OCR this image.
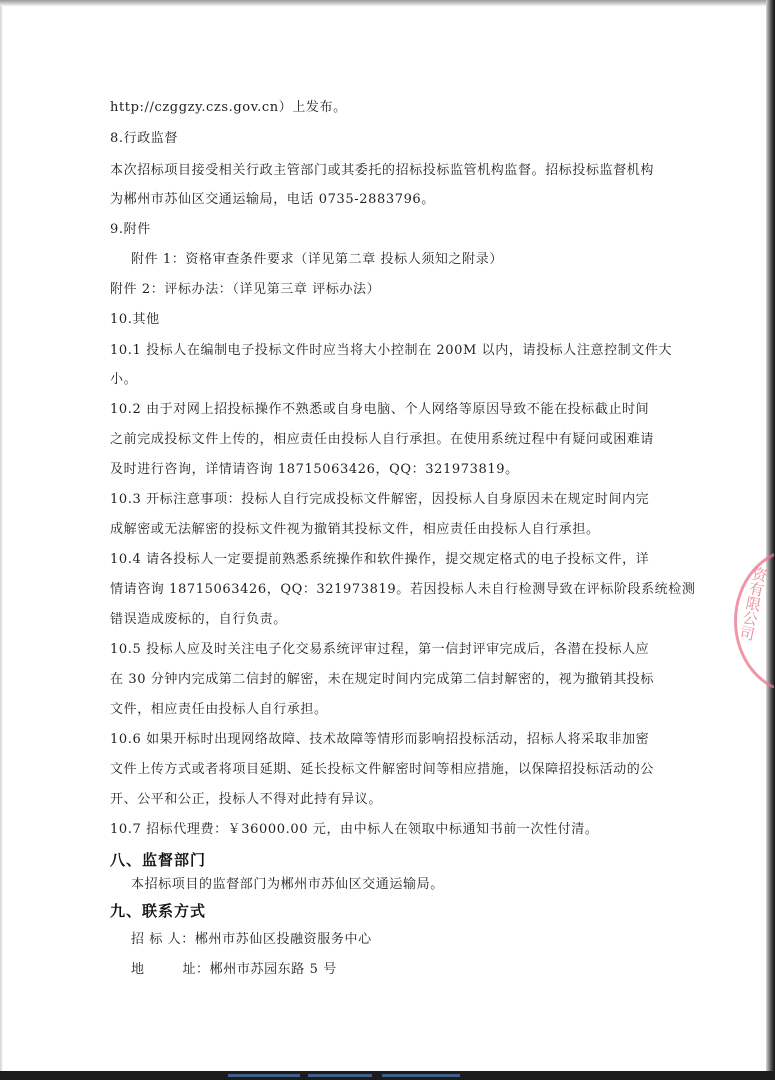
http://czggzy.czs.gov.cn）上发布。
8.行政监督
本次招标项目接受相关行政主管部门或其委托的招标投标监管机构监督。招标投标监督机构
为郴州市苏仙区交通运输局，电话 0735-2883796。
9.附件
附件 1：资格审查条件要求（详见第二章 投标人须知之附录）
附件 2：评标办法：（详见第三章 评标办法）
10.其他
10.1 投标人在编制电子投标文件时应当将大小控制在 200M 以内，请投标人注意控制文件大
小。
10.2 由于对网上招投标操作不熟悉或自身电脑、个人网络等原因导致不能在投标截止时间
之前完成投标文件上传的，相应责任由投标人自行承担。在使用系统过程中有疑问或困难请
及时进行咨询，详情请咨询 18715063426，QQ：321973819。
10.3 开标注意事项：投标人自行完成投标文件解密，因投标人自身原因未在规定时间内完
成解密或无法解密的投标文件视为撤销其投标文件，相应责任由投标人自行承担。
10.4 请各投标人一定要提前熟悉系统操作和软件操作，提交规定格式的电子投标文件，详
情请咨询 18715063426，QQ：321973819。若因投标人未自行检测导致在评标阶段系统检测
错误造成废标的，自行负责。
10.5 投标人应及时关注电子化交易系统评审过程，第一信封评审完成后，各潜在投标人应
在 30 分钟内完成第二信封的解密，未在规定时间内完成第二信封解密的，视为撤销其投标
文件，相应责任由投标人自行承担。
10.6 如果开标时出现网络故障、技术故障等情形而影响招投标活动，招标人将采取非加密
文件上传方式或者将项目延期、延长投标文件解密时间等相应措施，以保障招投标活动的公
开、公平和公正，投标人不得对此持有异议。
10.7 招标代理费：￥36000.00 元，由中标人在领取中标通知书前一次性付清。
八、监督部门
本招标项目的监督部门为郴州市苏仙区交通运输局。
九、联系方式
招 标 人：郴州市苏仙区投融资服务中心
地        址：郴州市苏园东路 5 号
资有限公司
